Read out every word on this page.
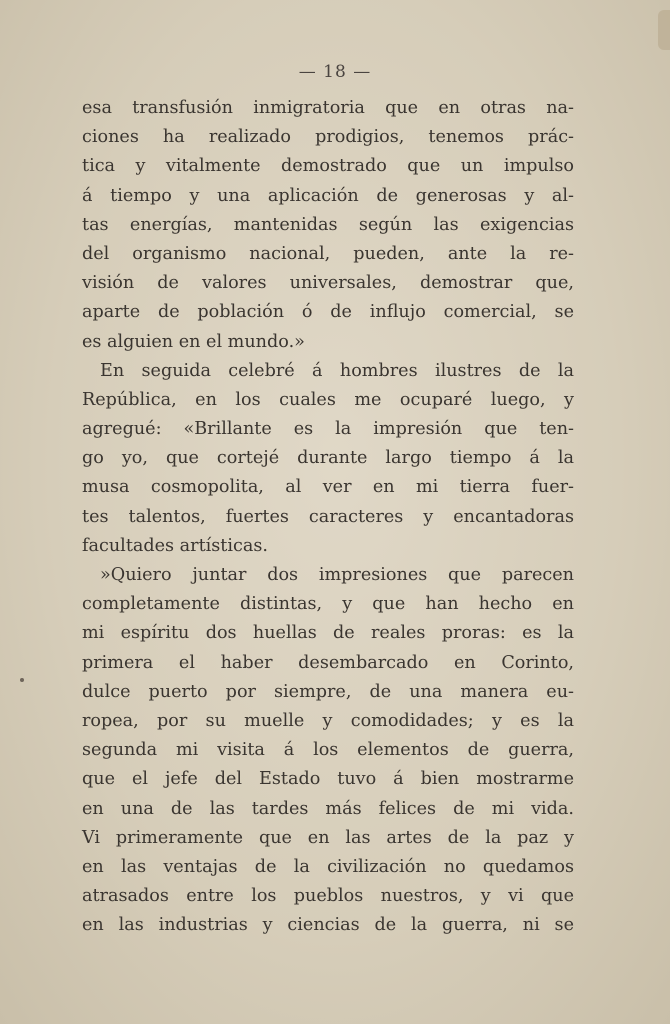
— 18 —
esa transfusión inmigratoria que en otras na-
ciones ha realizado prodigios, tenemos prác-
tica y vitalmente demostrado que un impulso
á tiempo y una aplicación de generosas y al-
tas energías, mantenidas según las exigencias
del organismo nacional, pueden, ante la re-
visión de valores universales, demostrar que,
aparte de población ó de influjo comercial, se
es alguien en el mundo.»
En seguida celebré á hombres ilustres de la
República, en los cuales me ocuparé luego, y
agregué: «Brillante es la impresión que ten-
go yo, que cortejé durante largo tiempo á la
musa cosmopolita, al ver en mi tierra fuer-
tes talentos, fuertes caracteres y encantadoras
facultades artísticas.
»Quiero juntar dos impresiones que parecen
completamente distintas, y que han hecho en
mi espíritu dos huellas de reales proras: es la
primera el haber desembarcado en Corinto,
dulce puerto por siempre, de una manera eu-
ropea, por su muelle y comodidades; y es la
segunda mi visita á los elementos de guerra,
que el jefe del Estado tuvo á bien mostrarme
en una de las tardes más felices de mi vida.
Vi primeramente que en las artes de la paz y
en las ventajas de la civilización no quedamos
atrasados entre los pueblos nuestros, y vi que
en las industrias y ciencias de la guerra, ni se
